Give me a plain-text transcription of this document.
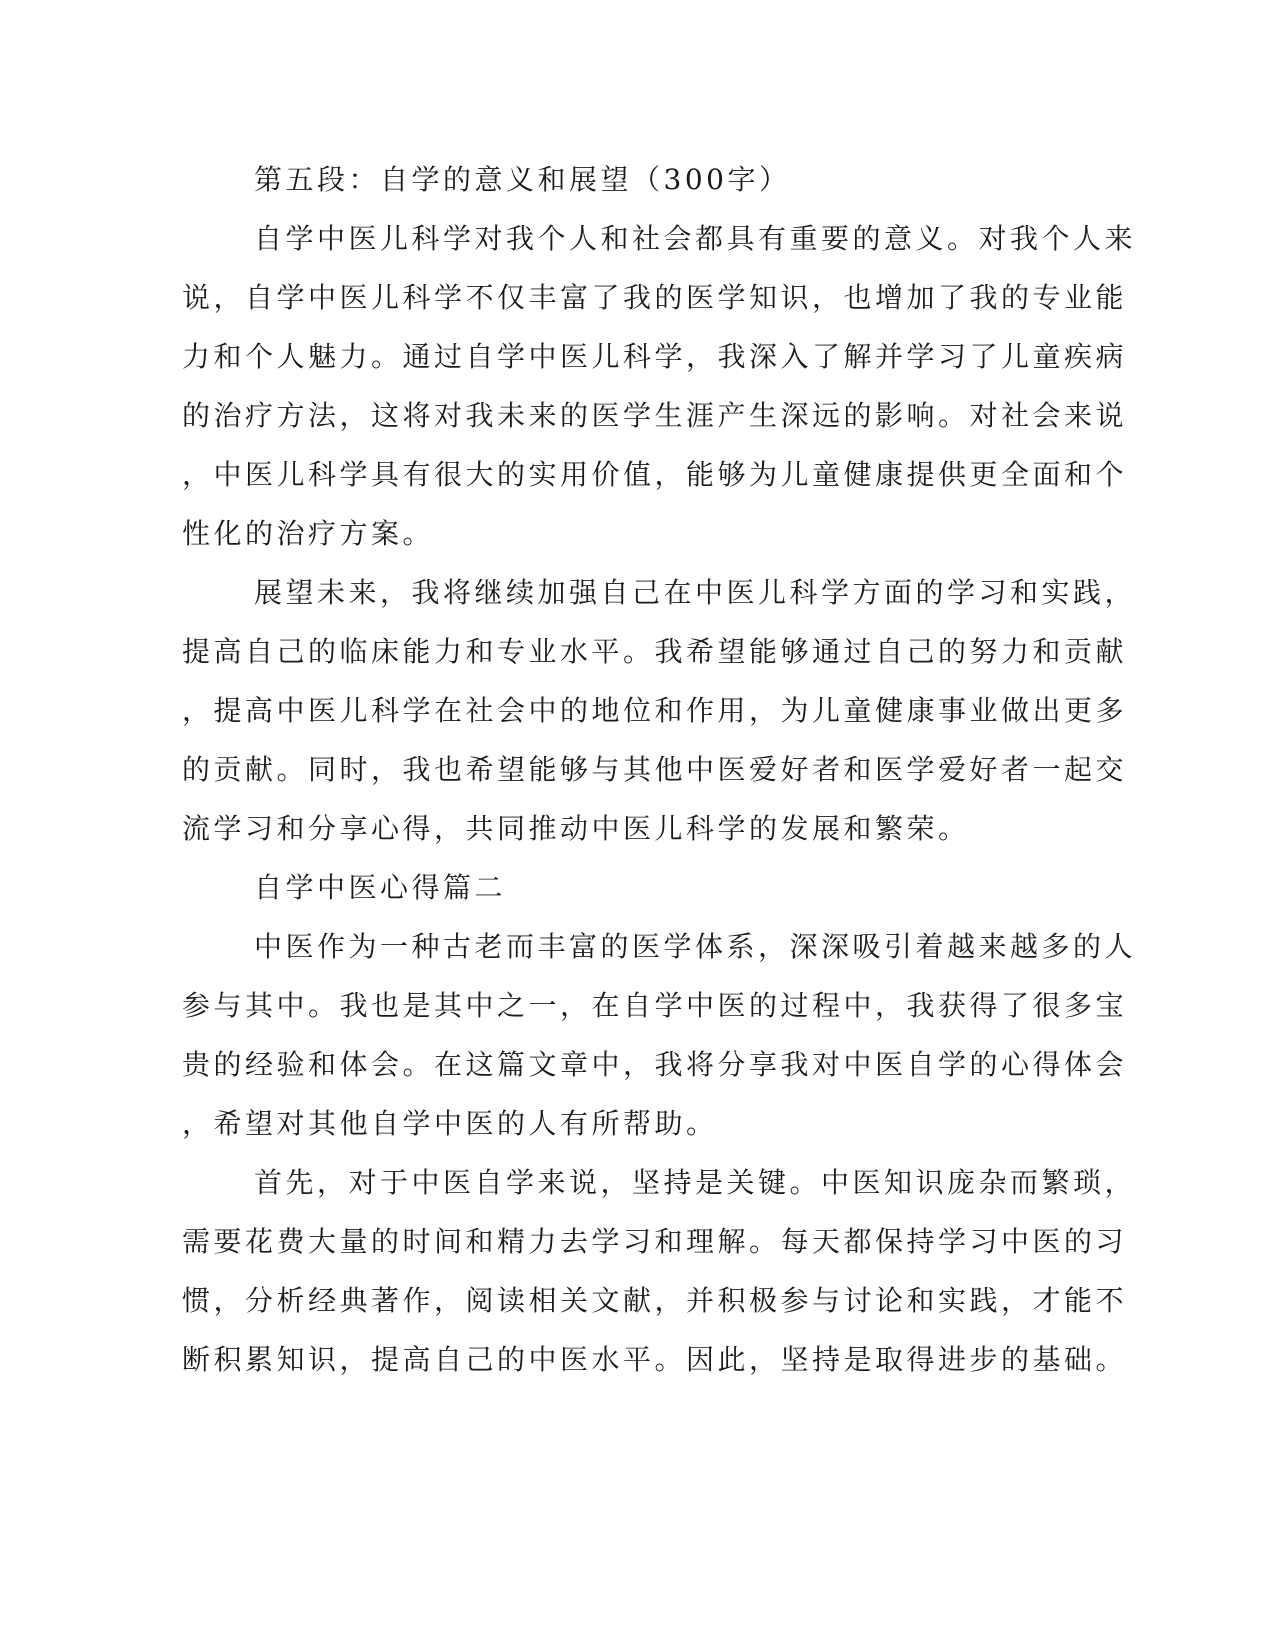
第五段：自学的意义和展望（300字）
自学中医儿科学对我个人和社会都具有重要的意义。对我个人来
说，自学中医儿科学不仅丰富了我的医学知识，也增加了我的专业能
力和个人魅力。通过自学中医儿科学，我深入了解并学习了儿童疾病
的治疗方法，这将对我未来的医学生涯产生深远的影响。对社会来说
，中医儿科学具有很大的实用价值，能够为儿童健康提供更全面和个
性化的治疗方案。
展望未来，我将继续加强自己在中医儿科学方面的学习和实践，
提高自己的临床能力和专业水平。我希望能够通过自己的努力和贡献
，提高中医儿科学在社会中的地位和作用，为儿童健康事业做出更多
的贡献。同时，我也希望能够与其他中医爱好者和医学爱好者一起交
流学习和分享心得，共同推动中医儿科学的发展和繁荣。
自学中医心得篇二
中医作为一种古老而丰富的医学体系，深深吸引着越来越多的人
参与其中。我也是其中之一，在自学中医的过程中，我获得了很多宝
贵的经验和体会。在这篇文章中，我将分享我对中医自学的心得体会
，希望对其他自学中医的人有所帮助。
首先，对于中医自学来说，坚持是关键。中医知识庞杂而繁琐，
需要花费大量的时间和精力去学习和理解。每天都保持学习中医的习
惯，分析经典著作，阅读相关文献，并积极参与讨论和实践，才能不
断积累知识，提高自己的中医水平。因此，坚持是取得进步的基础。
